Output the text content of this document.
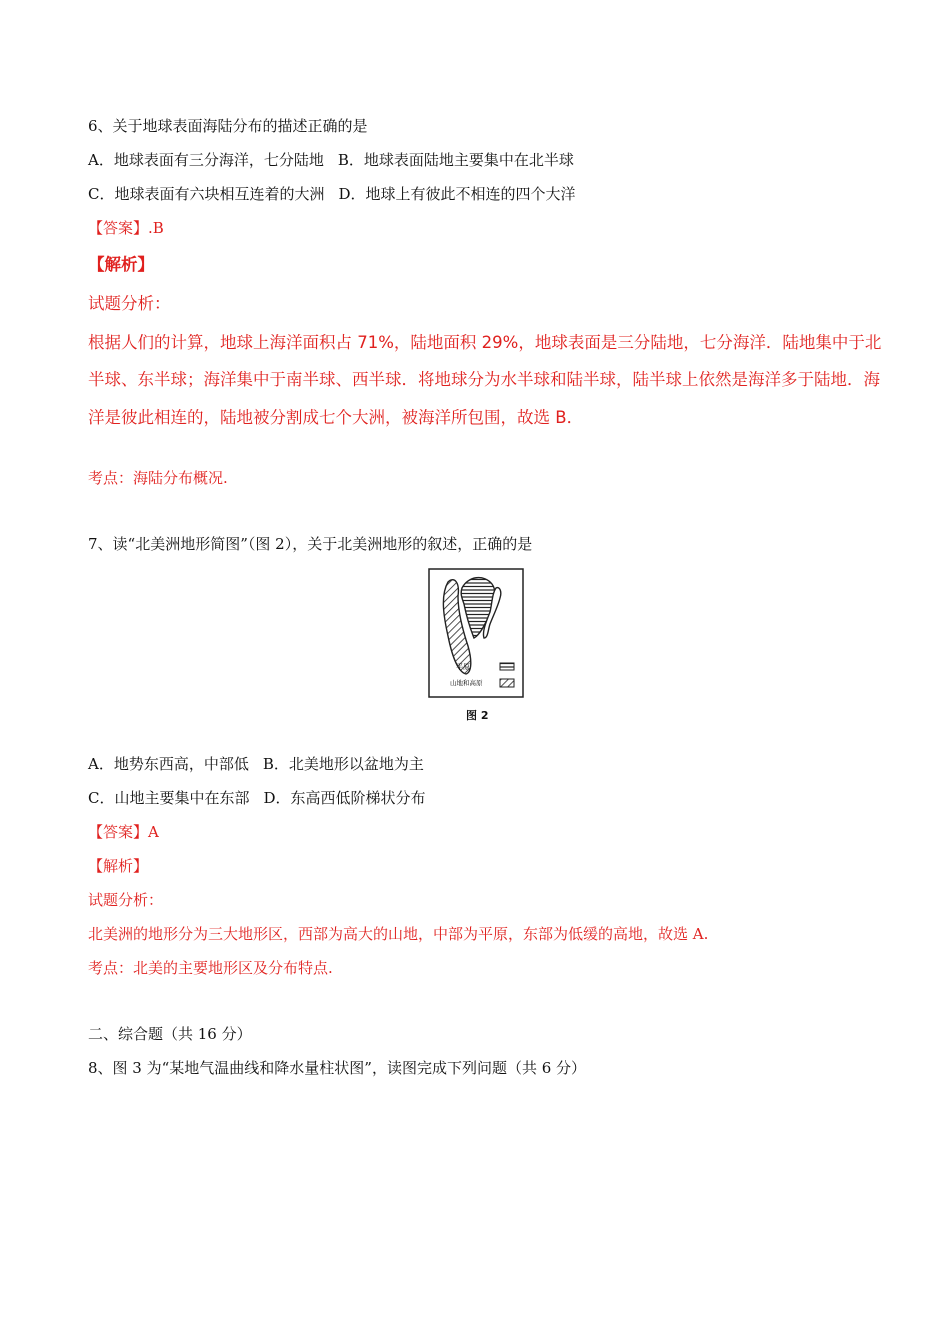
6、关于地球表面海陆分布的描述正确的是
A．地球表面有三分海洋，七分陆地 B．地球表面陆地主要集中在北半球
C．地球表面有六块相互连着的大洲 D．地球上有彼此不相连的四个大洋
【答案】.B
【解析】
试题分析：
根据人们的计算，地球上海洋面积占 71%，陆地面积 29%，地球表面是三分陆地，七分海洋．陆地集中于北
半球、东半球；海洋集中于南半球、西半球．将地球分为水半球和陆半球，陆半球上依然是海洋多于陆地．海
洋是彼此相连的，陆地被分割成七个大洲，被海洋所包围，故选 B．
考点：海陆分布概况.
7、读“北美洲地形简图”（图 2），关于北美洲地形的叙述，正确的是
平原
山地和高原
图 2
A．地势东西高，中部低 B．北美地形以盆地为主
C．山地主要集中在东部 D．东高西低阶梯状分布
【答案】A
【解析】
试题分析：
北美洲的地形分为三大地形区，西部为高大的山地，中部为平原，东部为低缓的高地，故选 A.
考点：北美的主要地形区及分布特点.
二、综合题（共 16 分）
8、图 3 为“某地气温曲线和降水量柱状图”，读图完成下列问题（共 6 分）
